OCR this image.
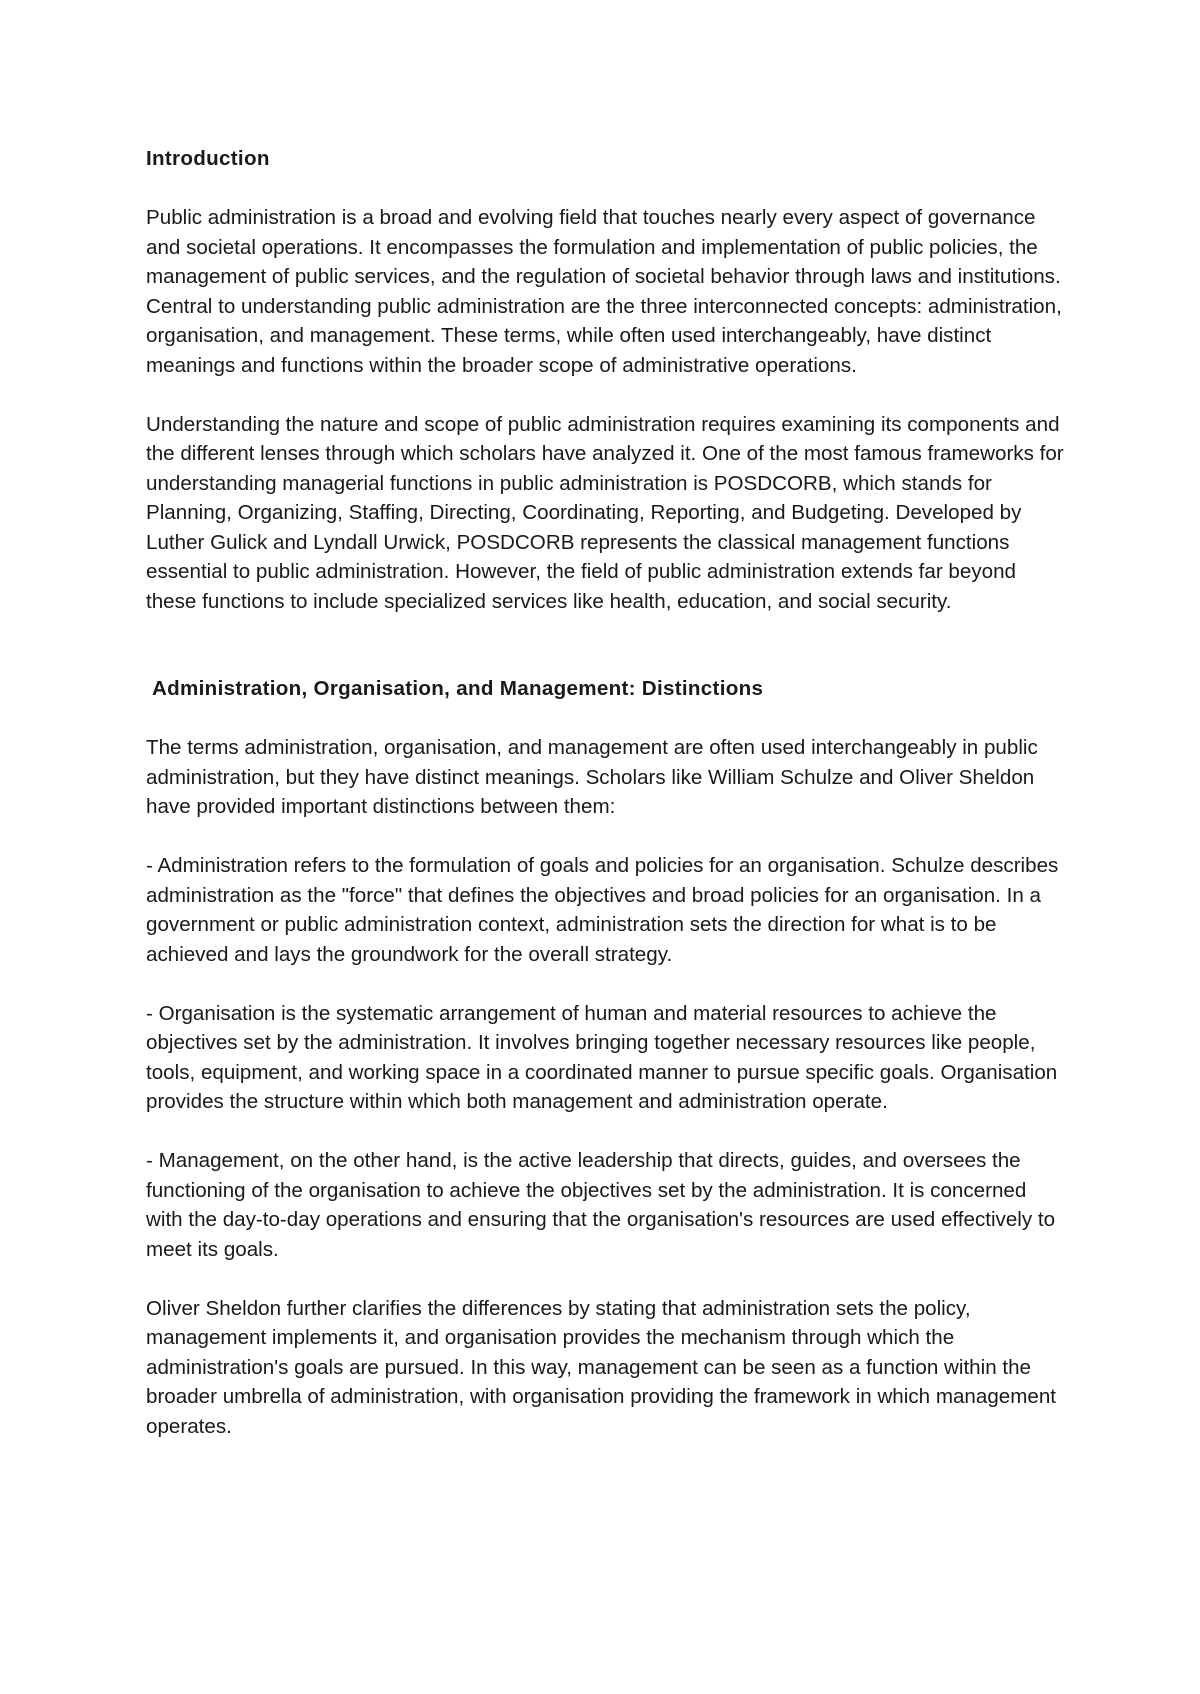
Introduction

Public administration is a broad and evolving field that touches nearly every aspect of governance and societal operations. It encompasses the formulation and implementation of public policies, the management of public services, and the regulation of societal behavior through laws and institutions. Central to understanding public administration are the three interconnected concepts: administration, organisation, and management. These terms, while often used interchangeably, have distinct meanings and functions within the broader scope of administrative operations.

Understanding the nature and scope of public administration requires examining its components and the different lenses through which scholars have analyzed it. One of the most famous frameworks for understanding managerial functions in public administration is POSDCORB, which stands for Planning, Organizing, Staffing, Directing, Coordinating, Reporting, and Budgeting. Developed by Luther Gulick and Lyndall Urwick, POSDCORB represents the classical management functions essential to public administration. However, the field of public administration extends far beyond these functions to include specialized services like health, education, and social security.

Administration, Organisation, and Management: Distinctions

The terms administration, organisation, and management are often used interchangeably in public administration, but they have distinct meanings. Scholars like William Schulze and Oliver Sheldon have provided important distinctions between them:

- Administration refers to the formulation of goals and policies for an organisation. Schulze describes administration as the "force" that defines the objectives and broad policies for an organisation. In a government or public administration context, administration sets the direction for what is to be achieved and lays the groundwork for the overall strategy.

- Organisation is the systematic arrangement of human and material resources to achieve the objectives set by the administration. It involves bringing together necessary resources like people, tools, equipment, and working space in a coordinated manner to pursue specific goals. Organisation provides the structure within which both management and administration operate.

- Management, on the other hand, is the active leadership that directs, guides, and oversees the functioning of the organisation to achieve the objectives set by the administration. It is concerned with the day-to-day operations and ensuring that the organisation's resources are used effectively to meet its goals.

Oliver Sheldon further clarifies the differences by stating that administration sets the policy, management implements it, and organisation provides the mechanism through which the administration's goals are pursued. In this way, management can be seen as a function within the broader umbrella of administration, with organisation providing the framework in which management operates.
